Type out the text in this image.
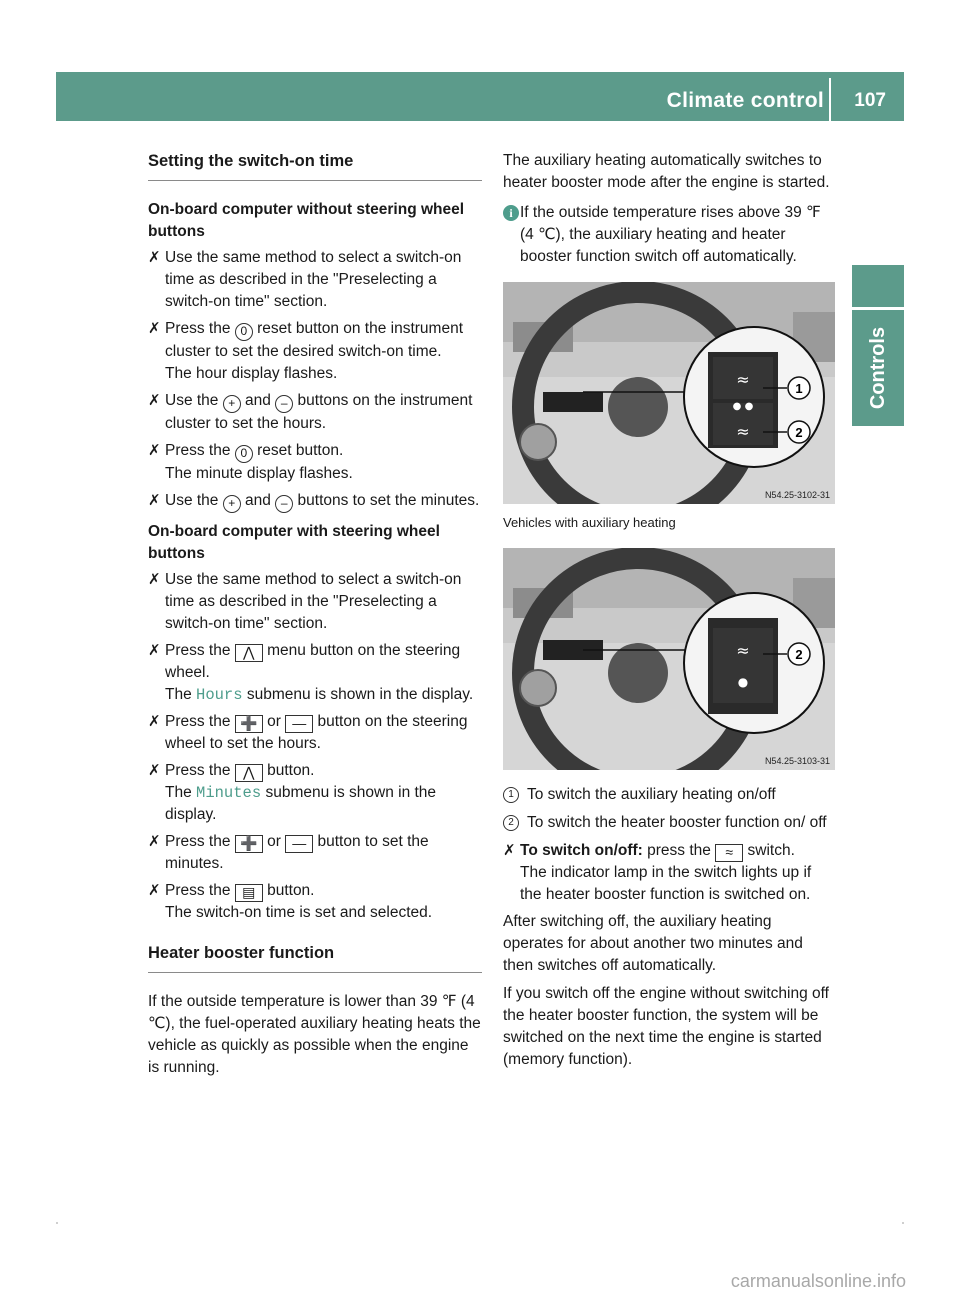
Climate control 107
Controls
Setting the switch-on time
On-board computer without steering wheel buttons
✗ Use the same method to select a switch-on time as described in the "Preselecting a switch-on time" section.
✗ Press the 0 reset button on the instrument cluster to set the desired switch-on time.
The hour display flashes.
✗ Use the + and – buttons on the instrument cluster to set the hours.
✗ Press the 0 reset button.
The minute display flashes.
✗ Use the + and – buttons to set the minutes.
On-board computer with steering wheel buttons
✗ Use the same method to select a switch-on time as described in the "Preselecting a switch-on time" section.
✗ Press the ⋀ menu button on the steering wheel.
The Hours submenu is shown in the display.
✗ Press the ➕ or — button on the steering wheel to set the hours.
✗ Press the ⋀ button.
The Minutes submenu is shown in the display.
✗ Press the ➕ or — button to set the minutes.
✗ Press the ▤ button.
The switch-on time is set and selected.
Heater booster function

If the outside temperature is lower than 39 ℉ (4 ℃), the fuel-operated auxiliary heating heats the vehicle as quickly as possible when the engine is running.

The auxiliary heating automatically switches to heater booster mode after the engine is started.

i If the outside temperature rises above 39 ℉ (4 ℃), the auxiliary heating and heater booster function switch off automatically.
≈
● ●
≈
1
2
N54.25-3102-31
Vehicles with auxiliary heating
≈
●
2
N54.25-3103-31
1 To switch the auxiliary heating on/off
2 To switch the heater booster function on/ off
✗ To switch on/off: press the ≈ switch.
The indicator lamp in the switch lights up if the heater booster function is switched on.

After switching off, the auxiliary heating operates for about another two minutes and then switches off automatically.

If you switch off the engine without switching off the heater booster function, the system will be switched on the next time the engine is started (memory function).

carmanualsonline.info
